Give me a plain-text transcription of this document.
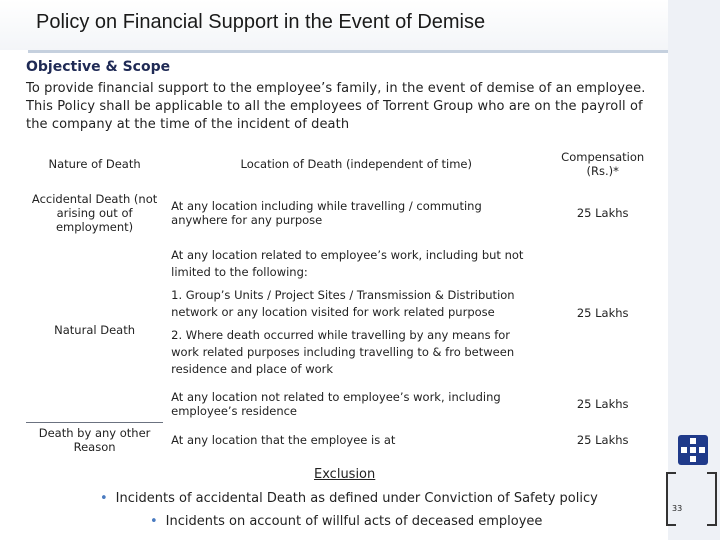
Policy on Financial Support in the Event of Demise
Objective & Scope
To provide financial support to the employee’s family, in the event of demise of an employee. This Policy shall be applicable to all the employees of Torrent Group who are on the payroll of the company at the time of the incident of death
Nature of Death	Location of Death (independent of time)	Compensation (Rs.)*
Accidental Death (not arising out of employment)	At any location including while travelling / commuting anywhere for any purpose	25 Lakhs
Natural Death	At any location related to employee’s work, including but not limited to the following:
1. Group’s Units / Project Sites / Transmission & Distribution network or any location visited for work related purpose
2. Where death occurred while travelling by any means for work related purposes including travelling to & fro between residence and place of work	25 Lakhs
	At any location not related to employee’s work, including employee’s residence	25 Lakhs
Death by any other Reason	At any location that the employee is at	25 Lakhs
Exclusion
• Incidents of accidental Death as defined under Conviction of Safety policy
• Incidents on account of willful acts of deceased employee
33
